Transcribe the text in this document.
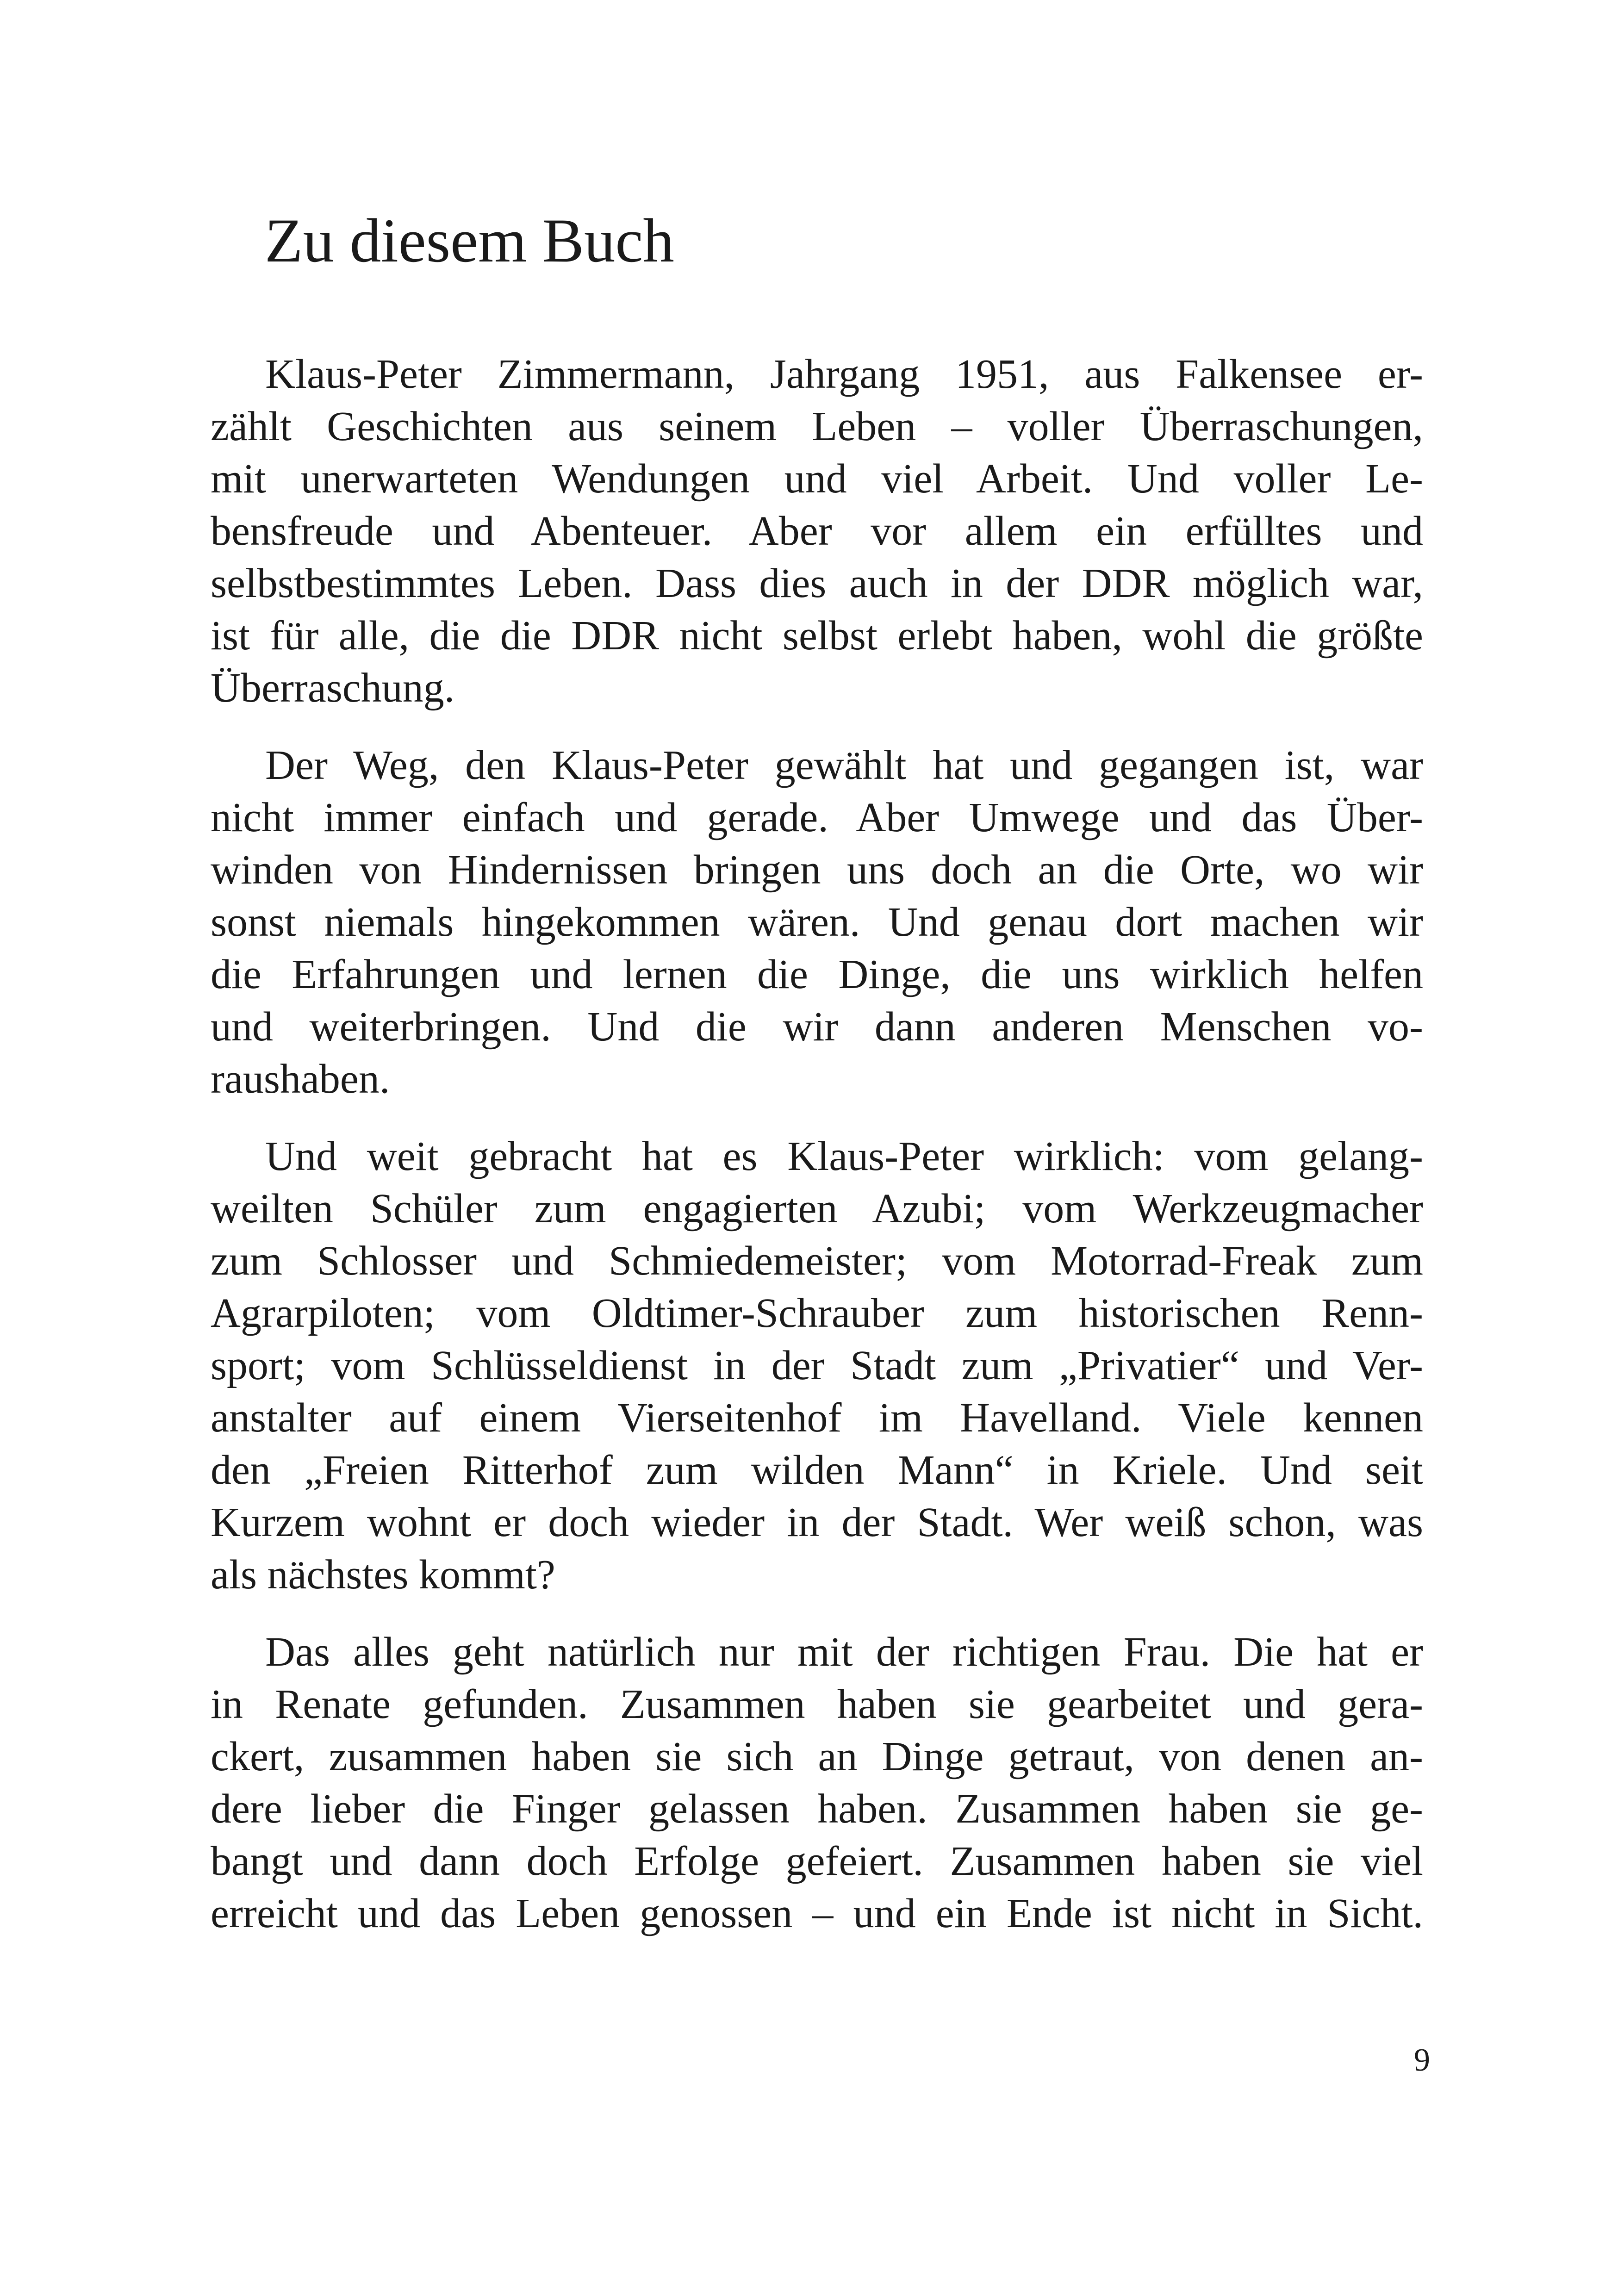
Zu diesem Buch

Klaus-Peter Zimmermann, Jahrgang 1951, aus Falkensee er-
zählt Geschichten aus seinem Leben – voller Überraschungen,
mit unerwarteten Wendungen und viel Arbeit. Und voller Le-
bensfreude und Abenteuer. Aber vor allem ein erfülltes und
selbstbestimmtes Leben. Dass dies auch in der DDR möglich war,
ist für alle, die die DDR nicht selbst erlebt haben, wohl die größte
Überraschung.

Der Weg, den Klaus-Peter gewählt hat und gegangen ist, war
nicht immer einfach und gerade. Aber Umwege und das Über-
winden von Hindernissen bringen uns doch an die Orte, wo wir
sonst niemals hingekommen wären. Und genau dort machen wir
die Erfahrungen und lernen die Dinge, die uns wirklich helfen
und weiterbringen. Und die wir dann anderen Menschen vo-
raushaben.

Und weit gebracht hat es Klaus-Peter wirklich: vom gelang-
weilten Schüler zum engagierten Azubi; vom Werkzeugmacher
zum Schlosser und Schmiedemeister; vom Motorrad-Freak zum
Agrarpiloten; vom Oldtimer-Schrauber zum historischen Renn-
sport; vom Schlüsseldienst in der Stadt zum „Privatier“ und Ver-
anstalter auf einem Vierseitenhof im Havelland. Viele kennen
den „Freien Ritterhof zum wilden Mann“ in Kriele. Und seit
Kurzem wohnt er doch wieder in der Stadt. Wer weiß schon, was
als nächstes kommt?

Das alles geht natürlich nur mit der richtigen Frau. Die hat er
in Renate gefunden. Zusammen haben sie gearbeitet und gera-
ckert, zusammen haben sie sich an Dinge getraut, von denen an-
dere lieber die Finger gelassen haben. Zusammen haben sie ge-
bangt und dann doch Erfolge gefeiert. Zusammen haben sie viel
erreicht und das Leben genossen – und ein Ende ist nicht in Sicht.

9
